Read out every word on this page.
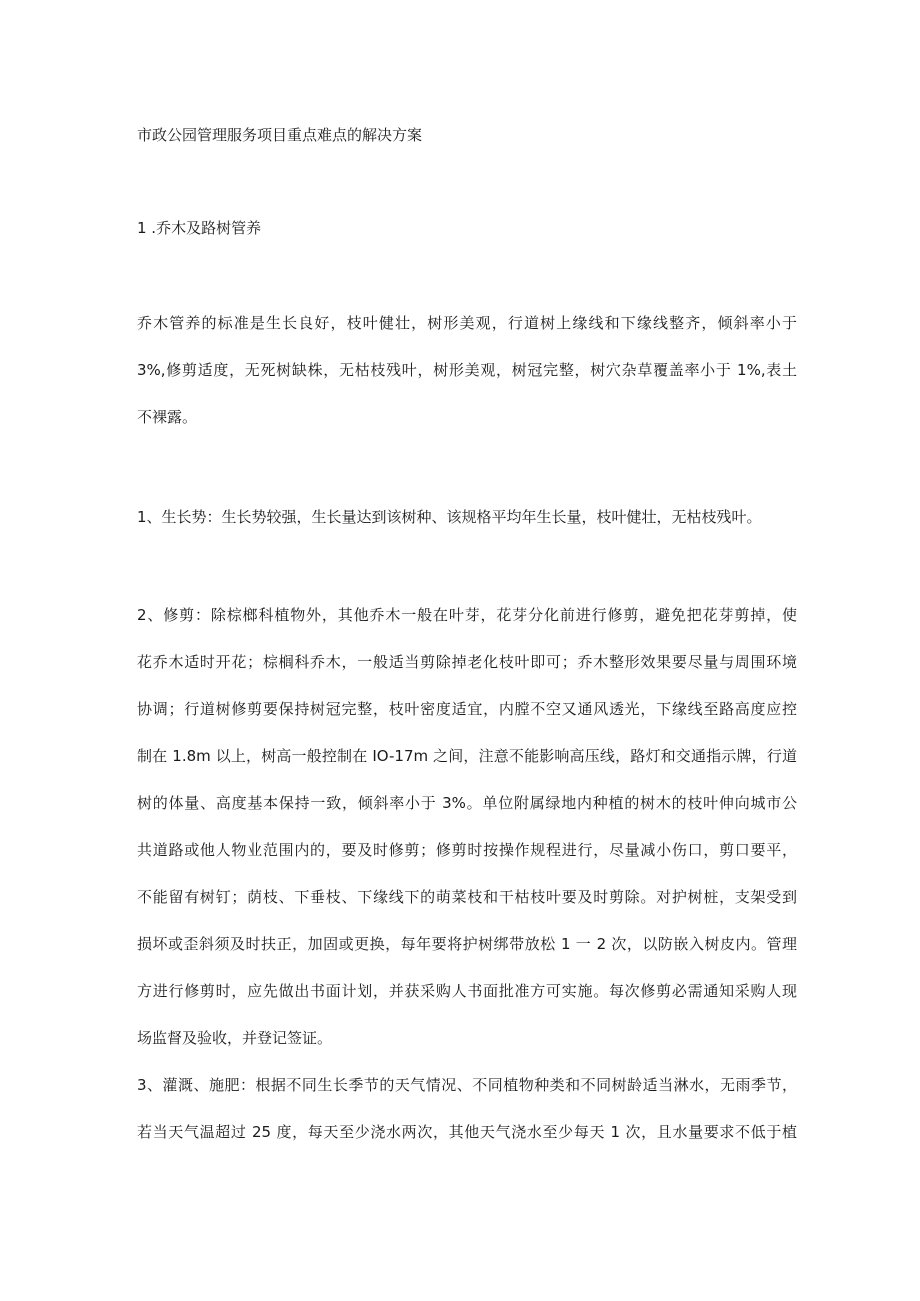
市政公园管理服务项目重点难点的解决方案
1 .乔木及路树管养
乔木管养的标准是生长良好，枝叶健壮，树形美观，行道树上缘线和下缘线整齐，倾斜率小于
3%,修剪适度，无死树缺株，无枯枝残叶，树形美观，树冠完整，树穴杂草覆盖率小于 1%,表土
不裸露。
1、生长势：生长势较强，生长量达到该树种、该规格平均年生长量，枝叶健壮，无枯枝残叶。
2、修剪：除棕榔科植物外，其他乔木一般在叶芽，花芽分化前进行修剪，避免把花芽剪掉，使
花乔木适时开花；棕榈科乔木，一般适当剪除掉老化枝叶即可；乔木整形效果要尽量与周围环境
协调；行道树修剪要保持树冠完整，枝叶密度适宜，内膛不空又通风透光，下缘线至路高度应控
制在 1.8m 以上，树高一般控制在 IO-17m 之间，注意不能影响高压线，路灯和交通指示牌，行道
树的体量、高度基本保持一致，倾斜率小于 3%。单位附属绿地内种植的树木的枝叶伸向城市公
共道路或他人物业范围内的，要及时修剪；修剪时按操作规程进行，尽量减小伤口，剪口要平，
不能留有树钉；荫枝、下垂枝、下缘线下的萌菜枝和干枯枝叶要及时剪除。对护树桩，支架受到
损坏或歪斜须及时扶正，加固或更换，每年要将护树绑带放松 1 一 2 次，以防嵌入树皮内。管理
方进行修剪时，应先做出书面计划，并获采购人书面批准方可实施。每次修剪必需通知采购人现
场监督及验收，并登记签证。
3、灌溉、施肥：根据不同生长季节的天气情况、不同植物种类和不同树龄适当淋水，无雨季节，
若当天气温超过 25 度，每天至少浇水两次，其他天气浇水至少每天 1 次，且水量要求不低于植
